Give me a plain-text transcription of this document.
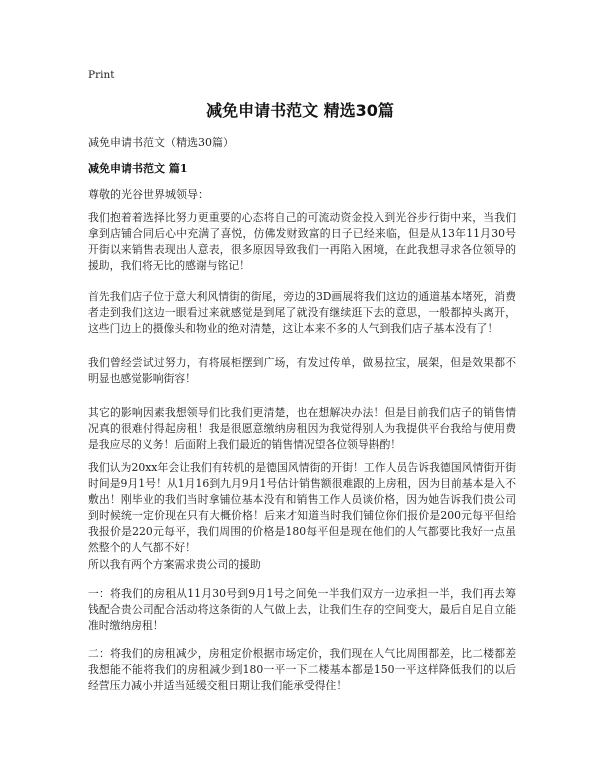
Print
减免申请书范文 精选30篇
减免申请书范文（精选30篇）
减免申请书范文 篇1
尊敬的光谷世界城领导：
我们抱着着选择比努力更重要的心态将自己的可流动资金投入到光谷步行街中来，当我们拿到店铺合同后心中充满了喜悦，仿佛发财致富的日子已经来临，但是从13年11月30号开街以来销售表现出人意表，很多原因导致我们一再陷入困境，在此我想寻求各位领导的援助，我们将无比的感谢与铭记！
首先我们店子位于意大利风情街的街尾，旁边的3D画展将我们这边的通道基本堵死，消费者走到我们这边一眼看过来就感觉是到尾了就没有继续逛下去的意思，一般都掉头离开，这些门边上的摄像头和物业的绝对清楚，这让本来不多的人气到我们店子基本没有了！
我们曾经尝试过努力，有将展柜摆到广场，有发过传单，做易拉宝，展架，但是效果都不明显也感觉影响街容！
其它的影响因素我想领导们比我们更清楚，也在想解决办法！但是目前我们店子的销售情况真的很难付得起房租！我是很愿意缴纳房租因为我觉得别人为我提供平台我给与使用费是我应尽的义务！后面附上我们最近的销售情况望各位领导斟酌！
我们认为20xx年会让我们有转机的是德国风情街的开街！工作人员告诉我德国风情街开街时间是9月1号！从1月16到九月9月1号估计销售额很难跟的上房租，因为目前基本是入不敷出！刚毕业的我们当时拿铺位基本没有和销售工作人员谈价格，因为她告诉我们贵公司到时候统一定价现在只有大概价格！后来才知道当时我们铺位你们报价是200元每平但给我报价是220元每平，我们周围的价格是180每平但是现在他们的人气都要比我好一点虽然整个的人气都不好！
所以我有两个方案需求贵公司的援助
一：将我们的房租从11月30号到9月1号之间免一半我们双方一边承担一半，我们再去筹钱配合贵公司配合活动将这条街的人气做上去，让我们生存的空间变大，最后自足自立能准时缴纳房租！
二：将我们的房租减少，房租定价根据市场定价，我们现在人气比周围都差，比二楼都差我想能不能将我们的房租减少到180一平一下二楼基本都是150一平这样降低我们的以后经营压力减小并适当延缓交租日期让我们能承受得住！
